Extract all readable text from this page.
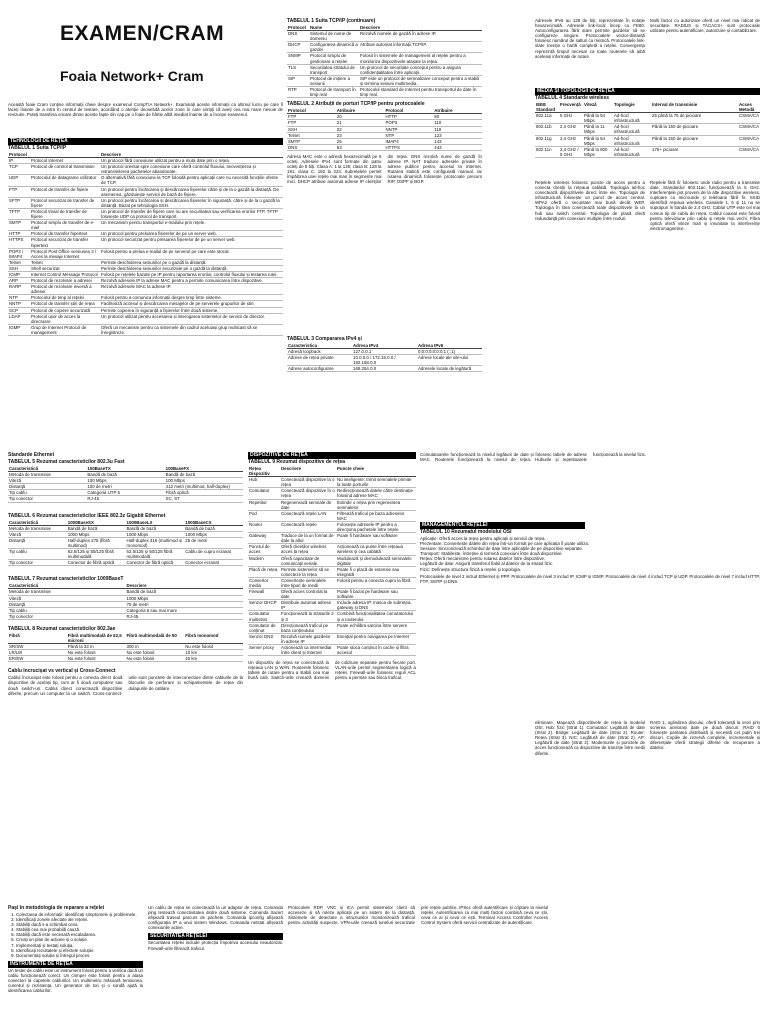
EXAMEN/CRAM
Foaia Network+ Cram
Această foaie Cram conține informații cheie despre examenul CompTIA Network+. Examinați aceste informații ca ultimul lucru pe care îl faceți înainte de a intra în centrul de testare, acordând o atenție deosebită acelor zone în care simțiți că aveți cea mai mare nevoie de revizuire. Puteți transfera oricare dintre aceste fapte din cap pe o foaie de hârtie albă imediat înainte de a începe examenul.
TEHNOLOGII DE REȚEA
TABELUL 1 Suita TCP/IP
Protocol		Descriere
IP	Protocol Internet	Un protocol fără conexiune utilizat pentru a muta date prin o rețea.
TCP	Protocol de control al transmisiei	Un protocol orientat spre conexiune care oferă controlul fluxului, secvențierea și retransmiterea pachetelor abandonate.
UDP	Protocolul de datagrame utilizator	O alternativă fără conexiune la TCP folosită pentru aplicații care nu necesită funcțiile oferite de TCP.
FTP	Protocol de transfer de fișiere	Un protocol pentru încărcarea și descărcarea fișierelor către și de la o gazdă la distanță. De asemenea, găzduiește servicii de bază de fișiere.
SFTP	Protocol securizat de transfer de fișiere	Un protocol pentru încărcarea și descărcarea fișierelor în siguranță, către și de la o gazdă la distanță. Bazat pe tehnologia SSH.
TFTP	Protocol trivial de transfer de fișiere	Un protocol de transfer de fișiere care nu are securitatea sau verificarea erorilor FTP. TFTP folosește UDP ca protocol de transport.
SMTP	Protocol simplu de transfer de e-mail	Un mecanism pentru transportul e-mailului prin rețele.
HTTP	Protocol de transfer hipertext	Un protocol pentru preluarea fișierelor de pe un server web.
HTTPS	Protocol securizat de transfer hipertext	Un protocol securizat pentru preluarea fișierelor de pe un server web.
POP3 / IMAP4	Protocol Post Office versiunea 3 / Acces la mesaje Internet	Folosit pentru a prelua e-mailul de pe serverul pe care este stocat.
Telnet	Telnet	Permite deschiderea sesiunilor pe o gazdă la distanță.
SSH	Shell securizat	Permite deschiderea sesiunilor securizate pe o gazdă la distanță.
ICMP	Internet Control Message Protocol	Folosit pe rețelele bazate pe IP pentru raportarea erorilor, controlul fluxului și testarea rutei.
ARP	Protocol de rezolvare a adresei	Rezolvă adresele IP la adrese MAC pentru a permite comunicarea între dispozitive.
RARP	Protocol de rezolvare inversă a adresei	Rezolvă adresele MAC la adrese IP.
NTP	Protocolul de timp al rețelei	Folosit pentru a comunica informații despre timp între sisteme.
NNTP	Protocol de transfer știri de rețea	Facilitează accesul și descărcarea mesajelor de pe serverele grupurilor de știri.
SCP	Protocol de copiere securizată	Permite copierea în siguranță a fișierelor între două sisteme.
LDAP	Protocol ușor de acces la directoare	Un protocol utilizat pentru accesarea și interogarea sistemelor de servicii de director.
IGMP	Grup de Internet Protocol de management	Oferă un mecanism pentru ca sistemele din cadrul aceluiași grup multicast să se înregistreze.
TABELUL 1 Suita TCP/IP (continuare)
Protocol	Nume	Descriere
DNS	Sistemul de nume de domeniu	Rezolvă numele de gazdă în adrese IP.
DHCP	Configurarea dinamică a gazdei	Atribuie automat informații TCP/IP.
SNMP	Protocol simplu de gestionare a rețelei	Folosit în sistemele de management al rețelei pentru a monitoriza dispozitivele atașate la rețea.
TLS	Securitatea stratului de transport	Un protocol de securitate conceput pentru a asigura confidențialitatea între aplicații.
SIP	Protocol de inițiere a sesiunii	SIP este un protocol de semnalizare conceput pentru a stabili și termina sesiuni multimedia.
RTP	Protocol de transport în timp real	Protocolul standard de Internet pentru transportul de date în timp real.
TABELUL 2 Atribuții de porturi TCP/IP pentru protocoalele
Protocol	Atribuire	Protocol	Atribuire
FTP	20	HTTP	80
FTP	21	POP3	110
SSH	22	NNTP	119
Telnet	23	NTP	123
SMTP	25	IMAP4	143
DNS	53	HTTPS	443
Adresa MAC este o adresă hexazecimală pe 6 octeți. Adresele IPv4 sunt formate din patru octeți de 8 biți. Clasa A: 1 la 126; clasa B: 128 la 191; clasa C: 192 la 223. Subrețelele permit împărțirea unei rețele mai mari în segmente mai mici. DHCP atribuie automat adrese IP clienților din rețea. DNS rezolvă nume de gazdă în adrese IP. NAT traduce adresele private în adrese publice pentru accesul la Internet. Rutarea statică este configurată manual, iar rutarea dinamică folosește protocoale precum RIP, OSPF și BGP.
TABELUL 3 Compararea IPv4 și
Caracteristica	Adresa IPv4	Adresa IPv6
Adresă loopback	127.0.0.1	0:0:0:0:0:0:0:1 (::1)
Adrese de rețea private	10.0.0.0 / 172.16.0.0 / 192.168.0.0	Adrese locale ale site-ului
Adrese autoconfigurare	169.254.0.0	Adresele locale de legătură
Adresele IPv6 au 128 de biți, reprezentate în notație hexazecimală. Adresele link-local încep cu FE80. Autoconfigurarea fără stare permite gazdelor să se configureze singure. Protocoalele vector-distanță folosesc numărul de salturi ca metrică. Protocoalele link-state mențin o hartă completă a rețelei. Convergența reprezintă timpul necesar ca toate routerele să aibă aceleași informații de rutare.
Multi factor cu autorizare oferă un nivel mai ridicat de securitate. RADIUS și TACACS+ sunt protocoale utilizate pentru autentificare, autorizare și contabilizare.
MEDIA ȘI TOPOLOGII DE REȚEA
TABELUL 4 Standarde wireless
IEEE Standard	Frecvență	Viteză	Topologie	Interval de transmisie	Acces Metodă
802.11a	5 GHz	Până la 54 Mbps	Ad-hoc/ infrastructură	25 până la 75 de picioare	CSMA/CA
802.11b	2,4 GHz	Până la 11 Mbps	Ad-hoc/ infrastructură	Până la 150 de picioare	CSMA/CA
802.11g	2,4 GHz	Până la 54 Mbps	Ad-hoc/ infrastructură	Până la 150 de picioare	CSMA/CA
802.11n	2,4 GHz / 5 GHz	Până la 600 Mbps	Ad-hoc/ infrastructură	175+ picioare	CSMA/CA
Rețelele wireless folosesc puncte de acces pentru a conecta clienții la rețeaua cablată. Topologia ad-hoc conectează dispozitivele direct între ele. Topologia de infrastructură folosește un punct de acces central. WPA2 oferă o securitate mai bună decât WEP. Topologia în stea conectează toate dispozitivele la un hub sau switch central. Topologia de plasă oferă redundanță prin conexiuni multiple între noduri.
Rețelele fără fir folosesc unde radio pentru a transmite date. Standardul 802.11ac funcționează la 5 GHz. Interferențele pot proveni de la alte dispozitive wireless, cuptoare cu microunde și telefoane fără fir. SSID identifică rețeaua wireless. Canalele 1, 6 și 11 nu se suprapun în banda de 2,4 GHz. Cablul UTP este cel mai comun tip de cablu de rețea. Cablul coaxial este folosit pentru televiziune prin cablu și rețele mai vechi. Fibra optică oferă viteze mari și imunitate la interferențe electromagnetice.
Standarde Ethernet
TABELUL 5 Rezumat caracteristicilor 802.3u Fast
Caracteristică	100BaseTX	100BaseFX
Metoda de transmisie	Bandă de bază	Bandă de bază
Viteză	100 Mbps	100 Mbps
Distanţă	100 de metri	412 metri (multimod, half-duplex)
Tip cablu	Categoria UTP 5	Fibră optică
Tip conector	RJ-45	SC, ST
TABELUL 6 Rezumat caracteristicilor IEEE 802.3z Gigabit Ethernet
Caracteristică	1000BaseSX	1000BaseLX	1000BaseCX
Metoda de transmisie	Bandă de bază	Bandă de bază	Bandă de bază
Viteză	1000 Mbps	1000 Mbps	1000 Mbps
Distanţă	Half-duplex 275 (fibră multimod)	Half-duplex 316 (multimod și monomod)	25 de metri
Tip cablu	62,5/125 și 50/125 fibră multimodală	62,5/125 și 50/125 fibră multimodală	Cablu de cupru ecranat
Tip conector	Conector de fibră optică	Conector de fibră optică	Conector ecranat
TABELUL 7 Rezumat caracteristicilor 1000BaseT
Caracteristică	Descriere
Metoda de transmisie	Bandă de bază
Viteză	1000 Mbps
Distanţă	75 de metri
Tip cablu	Categoria 5 sau mai mare
Tip conector	RJ-45
TABELUL 8 Rezumat caracteristicilor 802.3ae
Fibră	Fibră multimodală de 62,5 microni	Fibră multimodală de 50	Fibră monomod
SR/SW	Până la 33 m	300 m	Nu este folosit
LR/LW	Nu este folosit	Nu este folosit	10 km
ER/EW	Nu este folosit	Nu este folosit	40 km
Cablu încrucișat vs vertical și Cross-Connect
Cablul încrucișat este folosit pentru a conecta direct două dispozitive de același tip, cum ar fi două computere sau două switch-uri. Cablul direct conectează dispozitive diferite, precum un computer la un switch. Cross-connect-urile sunt punctele de interconectare dintre cablurile de la blocurile de perforare și echipamentele de rețea din dulapurile de cablare.
DISPOZITIVE DE REȚEA
TABELUL 9 Rezumat dispozitive de rețea
Rețea Dispozitiv	Descriere	Puncte cheie
Hub	Conectează dispozitive la o rețea	Nu inteligente; trimit semnalele primite la toate porturile
Comutator	Conectează dispozitive în o rețea	Redirecționează datele către destinație folosind adrese MAC
Repetitor	Regenerează semnale de date	Extinde o rețea prin regenerarea semnalelor
Pod	Conectează rețele LAN	Filtrează traficul pe baza adreselor MAC
Router	Conectează rețele	Folosește adresele IP pentru a direcționa pachetele între rețele
Gateway	Traduce de la un format de date la altul	Poate fi hardware sau software
Punctul de acces	Oferă clienților wireless acces la rețea	Acționează ca punte între rețeaua wireless și cea cablată
Modem	Oferă capacitate de comunicații seriale	Modulează și demodulează semnalele digitale
Placă de rețea	Permite sistemelor să se conecteze la rețea	Poate fi o placă de extensie sau integrată
Convertor media	Convertește semnalele între tipuri de medii	Folosit pentru a conecta cupru la fibră
Firewall	Oferă acces controlat la date	Poate fi bazat pe hardware sau software
Senzor DHCP	Distribuie automat adrese IP	Include adresa IP, masca de subrețea, gateway și DNS
Comutator multistrat	Funcționează la straturile 2 și 3	Combină funcționalitatea comutatorului și a routerului
Comutator de conținut	Direcționează traficul pe baza conținutului	Poate echilibra sarcina între servere
Senzor DNS	Rezolvă numele gazdelor în adrese IP	Esențial pentru navigarea pe Internet
Server proxy	Acționează ca intermediar între client și Internet	Poate stoca conținut în cache și filtra accesul
Un dispozitiv de rețea se conectează la rețeaua LAN și WAN. Routerele folosesc tabele de rutare pentru a stabili cea mai bună cale. Switch-urile creează domenii de coliziune separate pentru fiecare port. VLAN-urile permit segmentarea logică a rețelei. Firewall-urile folosesc reguli ACL pentru a permite sau bloca traficul.
Comutatoarele funcționează la nivelul legăturii de date și folosesc tabele de adrese MAC. Routerele funcționează la nivelul de rețea. Huburile și repetitoarele funcționează la nivelul fizic.
MANAGEMENTUL REȚELEI
TABELUL 10 Rezumatul modelului OSI
Aplicație: Oferă acces la rețea pentru aplicații și servicii de rețea.
Prezentare: Convertește datele din rețea într-un format pe care aplicația îl poate utiliza.
Sesiune: Sincronizează schimbul de date între aplicațiile de pe dispozitive separate.
Transport: Stabilește, întreține și termină conexiuni între două dispozitive.
Rețea: Oferă mecanisme pentru rutarea datelor între dispozitive.
Legătură de date: Asigură transferul fiabil al datelor de la stratul fizic.
Fizic: Definește structura fizică a rețelei și topologia.
Protocoalele de nivel 2 includ Ethernet și PPP. Protocoalele de nivel 3 includ IP, ICMP și IGMP. Protocoalele de nivel 4 includ TCP și UDP. Protocoalele de nivel 7 includ HTTP, FTP, SMTP și DNS.
eliminare. Mapează dispozitivele de rețea la modelul OSI. Hub: fizic (Strat 1). Comutator: Legătură de date (Strat 2). Bridge: Legătură de date (Strat 2). Router: Rețea (Strat 3). NIC: Legătură de date (Strat 2). AP: Legătură de date (Strat 2). Modemurile și punctele de acces funcționează ca dispozitive de tranziție între medii diferite.
RAID 1, oglindirea discului, oferă toleranță la erori prin scrierea acelorași date pe două discuri. RAID 5 folosește paritatea distribuită și necesită cel puțin trei discuri. Copiile de rezervă complete, incrementale și diferențiale oferă strategii diferite de recuperare a datelor.
Pași în metodologia de reparare a rețelei
1. Colectarea de informații: identificați simptomele și problemele.
2. Identificați zonele afectate ale rețelei.
3. Stabiliți dacă s-a schimbat ceva.
4. Stabiliți cea mai probabilă cauză.
5. Stabiliți dacă este necesară escaladarea.
6. Creați un plan de acțiune și o soluție.
7. Implementați și testați soluția.
8. Identificați rezultatele și efectele soluției.
9. Documentați soluția și întregul proces.
INSTRUMENTE DE REȚEA
Un tester de cablu este un instrument folosit pentru a verifica dacă un cablu funcționează corect. Un crimper este folosit pentru a atașa conectori la capetele cablurilor. Un multimetru măsoară tensiunea, curentul și rezistența. Un generator de ton și o sondă ajută la identificarea cablurilor.
Un cablu de rețea se conectează la un adaptor de rețea. Comanda ping testează conectivitatea dintre două sisteme. Comanda tracert afișează traseul parcurs de pachete. Comanda ipconfig afișează configurația IP a unui sistem Windows. Comanda netstat afișează conexiunile active.
SECURITATEA REȚELEI
Securitatea rețelei include protecția împotriva accesului neautorizat. Firewall-urile filtrează traficul.
Protocolele RDP, VNC și ICA permit sistemelor client să acceseze și să ruleze aplicații pe un sistem de la distanță. Sistemele de detectare a intruziunilor monitorizează traficul pentru activități suspecte. VPN-urile creează tuneluri securizate prin rețele publice. IPSec oferă autentificare și criptare la nivelul rețelei. Autentificarea cu mai mulți factori combină ceva ce știi, ceva ce ai și ceva ce ești. Terminal Access Controller Access Control System oferă servicii centralizate de autentificare.
